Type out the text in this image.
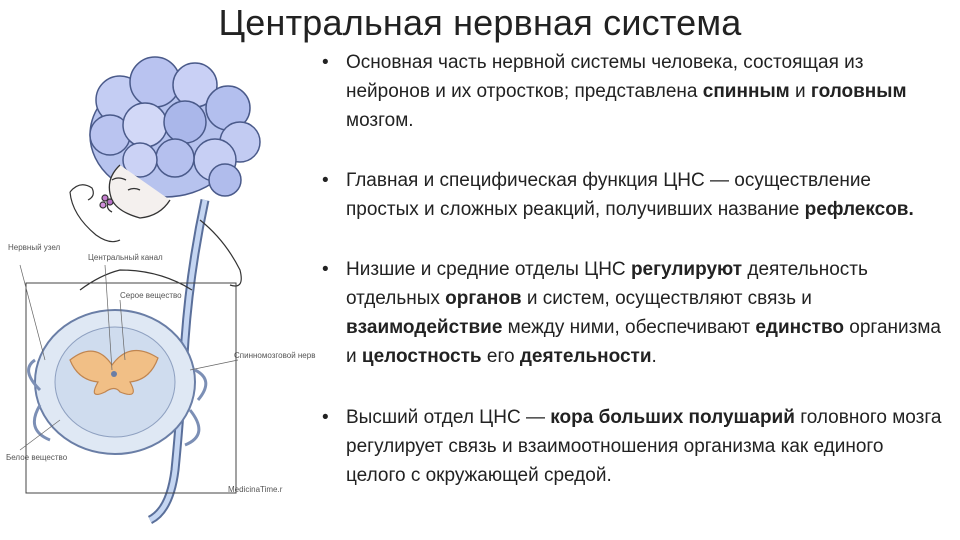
Центральная нервная система
Нервный узел
Центральный канал
Серое вещество
Спинномозговой нерв
Белое вещество
MedicinaTime.r
• Основная часть нервной системы человека, состоящая из нейронов и их отростков; представлена спинным и головным мозгом.
• Главная и специфическая функция ЦНС — осуществление простых и сложных реакций, получивших название рефлексов.
• Низшие и средние отделы ЦНС регулируют деятельность отдельных органов и систем, осуществляют связь и взаимодействие между ними, обеспечивают единство организма и целостность его деятельности.
• Высший отдел ЦНС — кора больших полушарий головного мозга регулирует связь и взаимоотношения организма как единого целого с окружающей средой.
